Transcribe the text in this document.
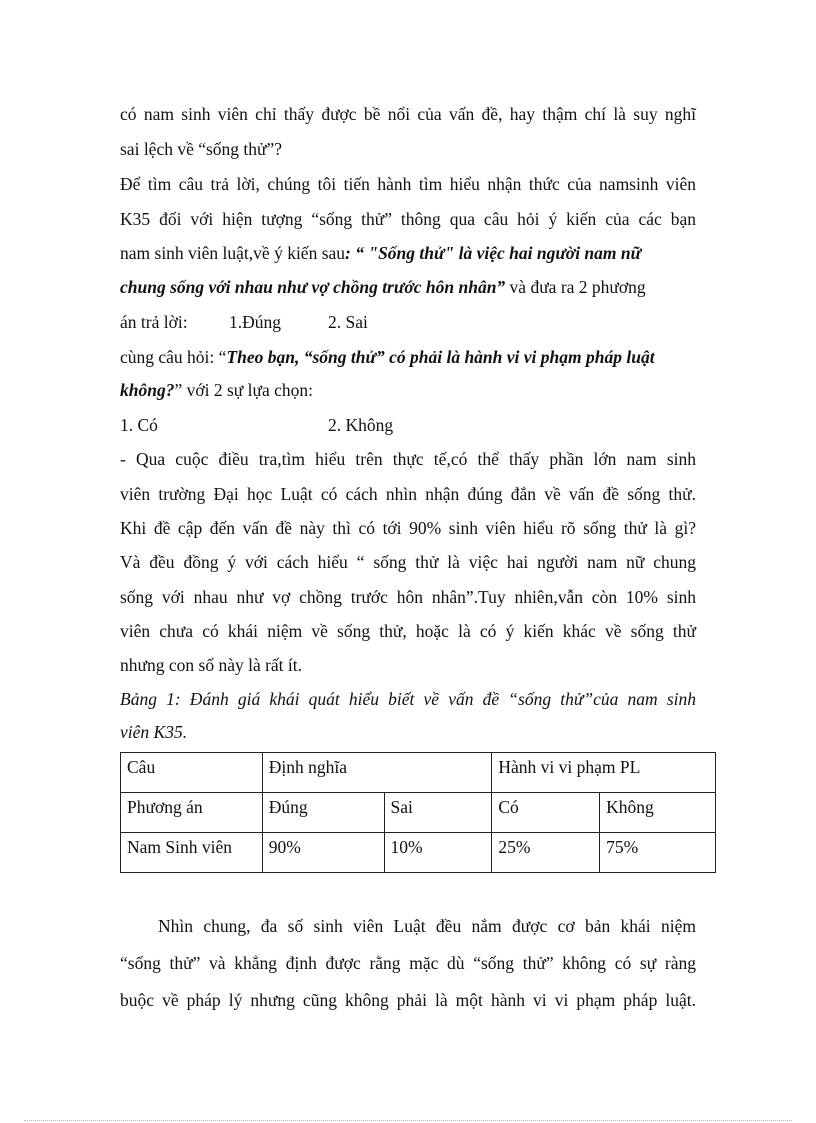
có nam sinh viên chỉ thấy được bề nổi của vấn đề, hay thậm chí là suy nghĩ
sai lệch về “sống thử”?
Để tìm câu trả lời, chúng tôi tiến hành tìm hiểu nhận thức của namsinh viên
K35 đối với hiện tượng “sống thử” thông qua câu hỏi ý kiến của các bạn
nam sinh viên luật,về ý kiến sau: “ "Sống thử" là việc hai người nam nữ
chung sống với nhau như vợ chồng trước hôn nhân” và đưa ra 2 phương
án trả lời: 1.Đúng	2. Sai
cùng câu hỏi: “Theo bạn, “sống thử” có phải là hành vi vi phạm pháp luật
không?” với 2 sự lựa chọn:
1. Có	2. Không
- Qua cuộc điều tra,tìm hiểu trên thực tế,có thể thấy phần lớn nam sinh
viên trường Đại học Luật có cách nhìn nhận đúng đắn về vấn đề sống thử.
Khi đề cập đến vấn đề này thì có tới 90% sinh viên hiểu rõ sống thử là gì?
Và đều đồng ý với cách hiểu “ sống thử là việc hai người nam nữ chung
sống với nhau như vợ chồng trước hôn nhân”.Tuy nhiên,vẫn còn 10% sinh
viên chưa có khái niệm về sống thử, hoặc là có ý kiến khác về sống thử
nhưng con số này là rất ít.
Bảng 1: Đánh giá khái quát hiểu biết về vấn đề “sống thử”của nam sinh
viên K35.
Câu	Định nghĩa		Hành vi vi phạm PL	
Phương án	Đúng	Sai	Có	Không
Nam Sinh viên	90%	10%	25%	75%
Nhìn chung, đa số sinh viên Luật đều nắm được cơ bản khái niệm
“sống thử” và khẳng định được rằng mặc dù “sống thử” không có sự ràng
buộc về pháp lý nhưng cũng không phải là một hành vi vi phạm pháp luật.
